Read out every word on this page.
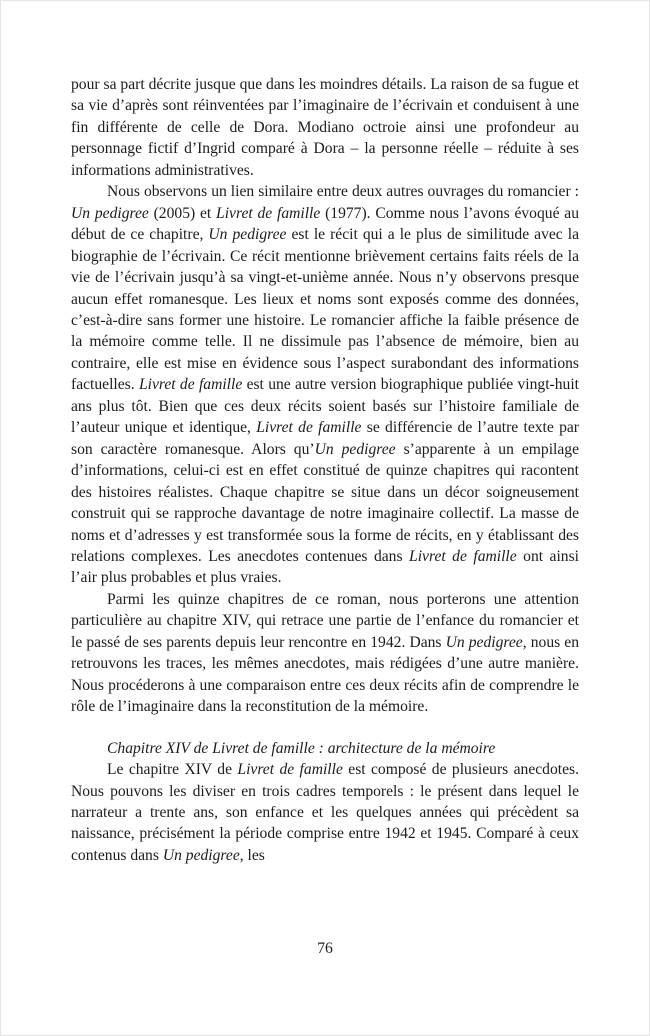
pour sa part décrite jusque que dans les moindres détails. La raison de sa fugue et sa vie d’après sont réinventées par l’imaginaire de l’écrivain et conduisent à une fin différente de celle de Dora. Modiano octroie ainsi une profondeur au personnage fictif d’Ingrid comparé à Dora – la personne réelle – réduite à ses informations administratives.

Nous observons un lien similaire entre deux autres ouvrages du romancier : Un pedigree (2005) et Livret de famille (1977). Comme nous l’avons évoqué au début de ce chapitre, Un pedigree est le récit qui a le plus de similitude avec la biographie de l’écrivain. Ce récit mentionne brièvement certains faits réels de la vie de l’écrivain jusqu’à sa vingt-et-unième année. Nous n’y observons presque aucun effet romanesque. Les lieux et noms sont exposés comme des données, c’est-à-dire sans former une histoire. Le romancier affiche la faible présence de la mémoire comme telle. Il ne dissimule pas l’absence de mémoire, bien au contraire, elle est mise en évidence sous l’aspect surabondant des informations factuelles. Livret de famille est une autre version biographique publiée vingt-huit ans plus tôt. Bien que ces deux récits soient basés sur l’histoire familiale de l’auteur unique et identique, Livret de famille se différencie de l’autre texte par son caractère romanesque. Alors qu’Un pedigree s’apparente à un empilage d’informations, celui-ci est en effet constitué de quinze chapitres qui racontent des histoires réalistes. Chaque chapitre se situe dans un décor soigneusement construit qui se rapproche davantage de notre imaginaire collectif. La masse de noms et d’adresses y est transformée sous la forme de récits, en y établissant des relations complexes. Les anecdotes contenues dans Livret de famille ont ainsi l’air plus probables et plus vraies.

Parmi les quinze chapitres de ce roman, nous porterons une attention particulière au chapitre XIV, qui retrace une partie de l’enfance du romancier et le passé de ses parents depuis leur rencontre en 1942. Dans Un pedigree, nous en retrouvons les traces, les mêmes anecdotes, mais rédigées d’une autre manière. Nous procéderons à une comparaison entre ces deux récits afin de comprendre le rôle de l’imaginaire dans la reconstitution de la mémoire.

Chapitre XIV de Livret de famille : architecture de la mémoire

Le chapitre XIV de Livret de famille est composé de plusieurs anecdotes. Nous pouvons les diviser en trois cadres temporels : le présent dans lequel le narrateur a trente ans, son enfance et les quelques années qui précèdent sa naissance, précisément la période comprise entre 1942 et 1945. Comparé à ceux contenus dans Un pedigree, les

76
